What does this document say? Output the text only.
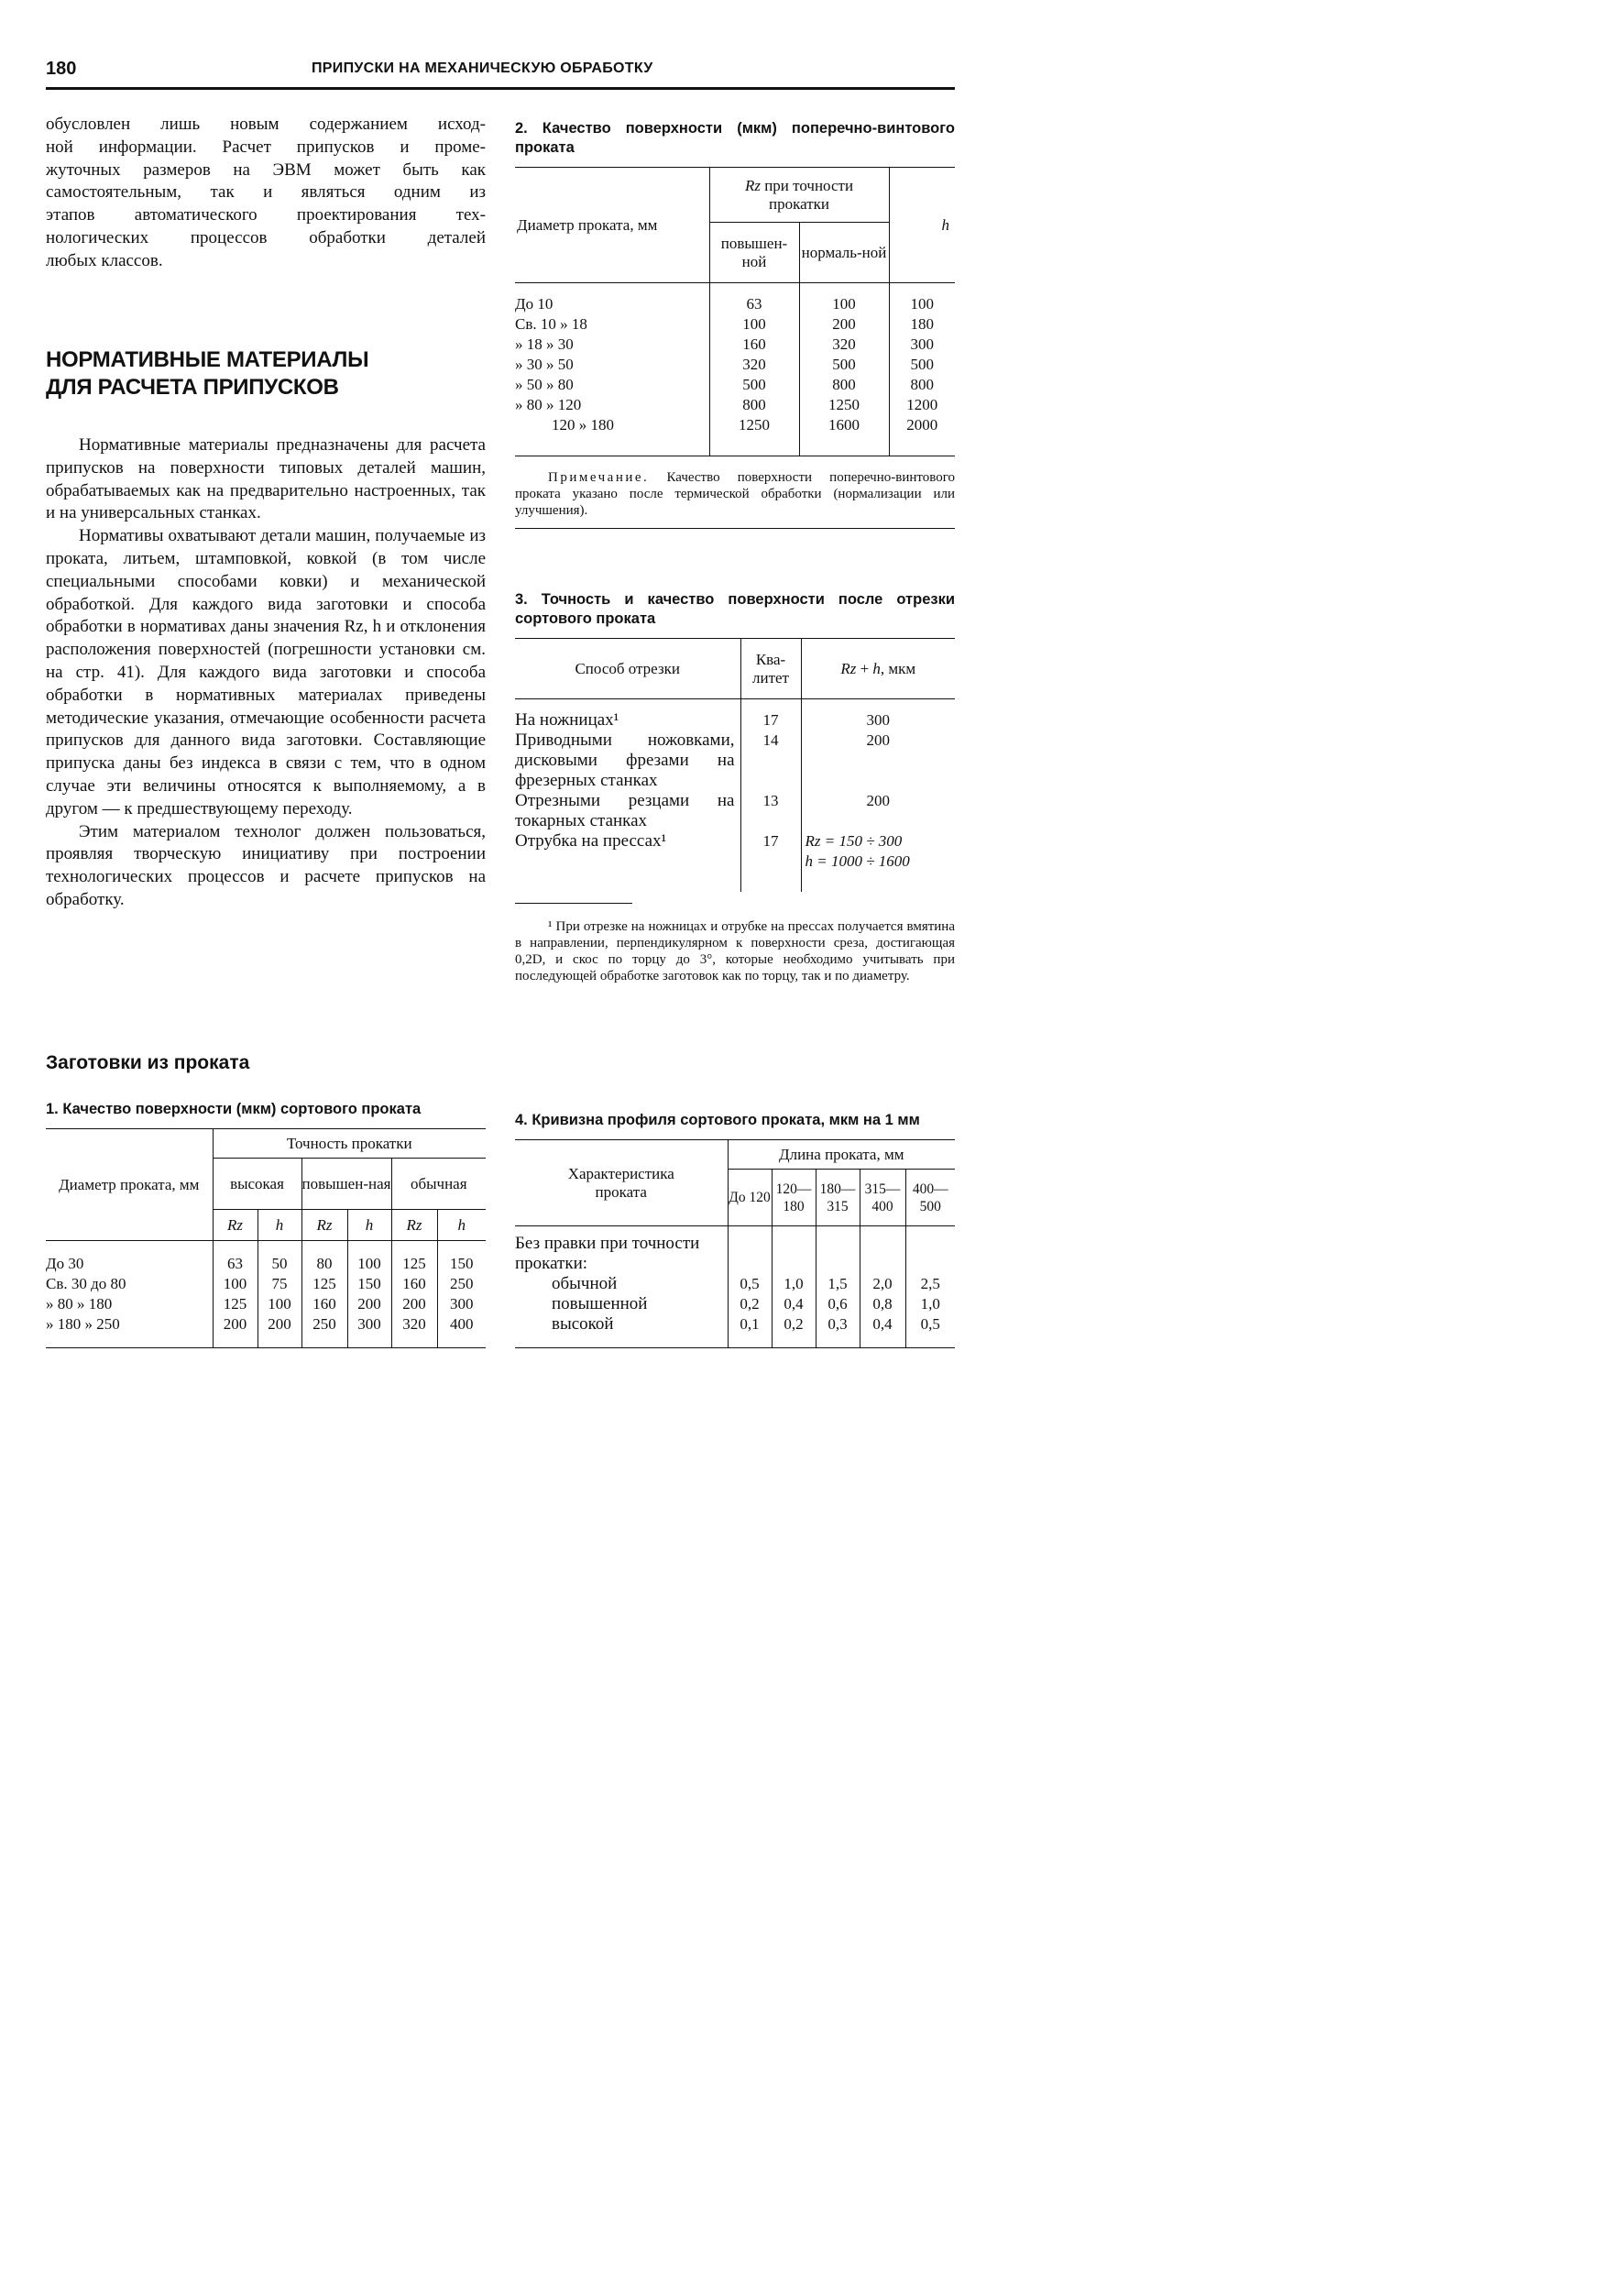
180	ПРИПУСКИ НА МЕХАНИЧЕСКУЮ ОБРАБОТКУ
обусловлен лишь новым содержанием исход-
ной информации. Расчет припусков и проме-
жуточных размеров на ЭВМ может быть как
самостоятельным, так и являться одним из
этапов автоматического проектирования тех-
нологических процессов обработки деталей
любых классов.
НОРМАТИВНЫЕ МАТЕРИАЛЫ
ДЛЯ РАСЧЕТА ПРИПУСКОВ

Нормативные материалы предназначены для расчета припусков на поверхности типовых деталей машин, обрабатываемых как на предварительно настроенных, так и на универсальных станках.

Нормативы охватывают детали машин, получаемые из проката, литьем, штамповкой, ковкой (в том числе специальными способами ковки) и механической обработкой. Для каждого вида заготовки и способа обработки в нормативах даны значения Rz, h и отклонения расположения поверхностей (погрешности установки см. на стр. 41). Для каждого вида заготовки и способа обработки в нормативных материалах приведены методические указания, отмечающие особенности расчета припусков для данного вида заготовки. Составляющие припуска даны без индекса в связи с тем, что в одном случае эти величины относятся к выполняемому, а в другом — к предшествующему переходу.

Этим материалом технолог должен пользоваться, проявляя творческую инициативу при построении технологических процессов и расчете припусков на обработку.

Заготовки из проката
1. Качество поверхности (мкм) сортового проката
Диаметр проката, мм	Точность прокатки					
	высокая		повышен-ная		обычная	
	Rz	h	Rz	h	Rz	h

До 30	63	50	80	100	125	150
Св. 30 до 80	100	75	125	150	160	250
» 80 » 180	125	100	160	200	200	300
» 180 » 250	200	200	250	300	320	400

2. Качество поверхности (мкм) поперечно-винтового проката
Диаметр проката, мм	Rz при точности прокатки		h
	повышен-ной	нормаль-ной	

До 10	63	100	100
Св. 10 » 18	100	200	180
» 18 » 30	160	320	300
» 30 » 50	320	500	500
» 50 » 80	500	800	800
» 80 » 120	800	1250	1200
120 » 180	1250	1600	2000

Примечание. Качество поверхности поперечно-винтового проката указано после термической обработки (нормализации или улучшения).
3. Точность и качество поверхности после отрезки сортового проката
Способ отрезки	Ква-
литет	Rz + h, мкм

На ножницах¹	17	300
Приводными ножовками, дисковыми фрезами на фрезерных станках	14	200
Отрезными резцами на токарных станках	13	200
Отрубка на прессах¹	17	Rz = 150 ÷ 300
h = 1000 ÷ 1600

¹ При отрезке на ножницах и отрубке на прессах получается вмятина в направлении, перпендикулярном к поверхности среза, достигающая 0,2D, и скос по торцу до 3°, которые необходимо учитывать при последующей обработке заготовок как по торцу, так и по диаметру.
4. Кривизна профиля сортового проката, мкм на 1 мм
Характеристика проката	Длина проката, мм				
	До 120	120—180	180—315	315—400	400—500

Без правки при точности прокатки:					
обычной	0,5	1,0	1,5	2,0	2,5
повышенной	0,2	0,4	0,6	0,8	1,0
высокой	0,1	0,2	0,3	0,4	0,5
